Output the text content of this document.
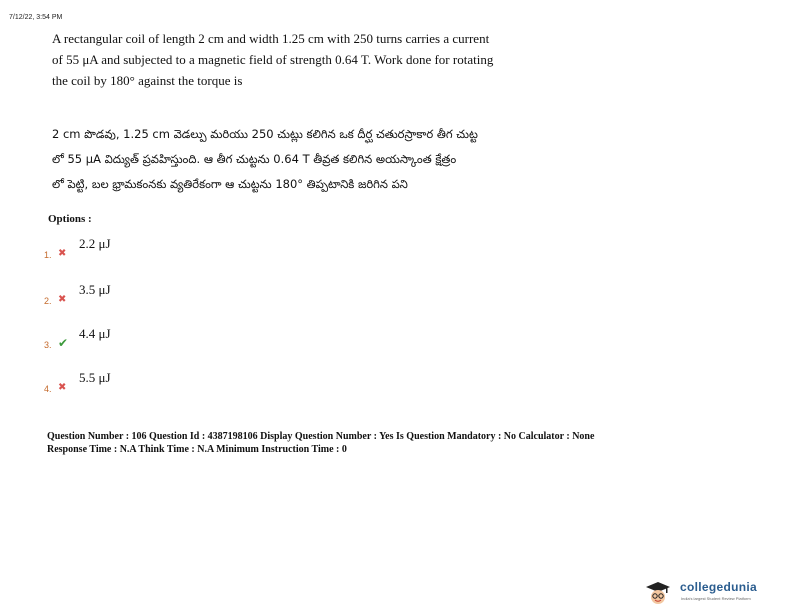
7/12/22, 3:54 PM
A rectangular coil of length 2 cm and width 1.25 cm with 250 turns carries a current
of 55 μA and subjected to a magnetic field of strength 0.64 T. Work done for rotating
the coil by 180° against the torque is

2 cm పొడవు, 1.25 cm వెడల్పు మరియు 250 చుట్లు కలిగిన ఒక దీర్ఘ చతురస్రాకార తీగ చుట్ట

లో 55 μA విద్యుత్ ప్రవహిస్తుంది. ఆ తీగ చుట్టను 0.64 T తీవ్రత కలిగిన అయస్కాంత క్షేత్రం

లో పెట్టి, బల భ్రామకంనకు వ్యతిరేకంగా ఆ చుట్టను 180° తిప్పటానికి జరిగిన పని

Options :
1. ✖
2.2 μJ
2. ✖
3.5 μJ
3. ✔
4.4 μJ
4. ✖
5.5 μJ

Question Number : 106 Question Id : 4387198106 Display Question Number : Yes Is Question Mandatory : No Calculator : None

Response Time : N.A Think Time : N.A Minimum Instruction Time : 0

collegedunia
India's largest Student Review Platform
